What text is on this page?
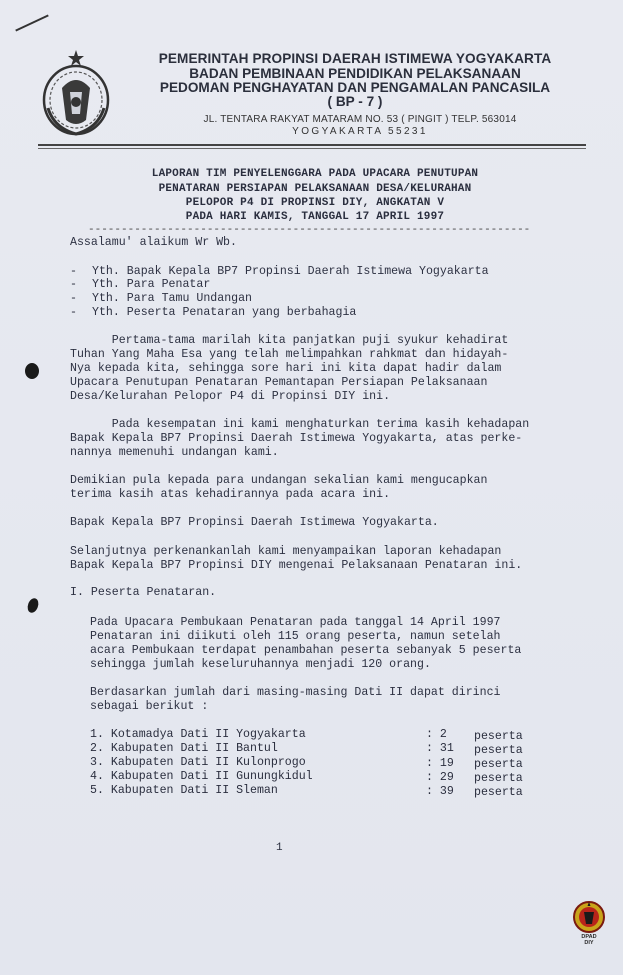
PEMERINTAH PROPINSI DAERAH ISTIMEWA YOGYAKARTA
BADAN PEMBINAAN PENDIDIKAN PELAKSANAAN
PEDOMAN PENGHAYATAN DAN PENGAMALAN PANCASILA
( BP - 7 )
JL. TENTARA RAKYAT MATARAM NO. 53 ( PINGIT ) TELP. 563014
YOGYAKARTA 55231
LAPORAN TIM PENYELENGGARA PADA UPACARA PENUTUPAN
PENATARAN PERSIAPAN PELAKSANAAN DESA/KELURAHAN
PELOPOR P4 DI PROPINSI DIY, ANGKATAN V
PADA HARI KAMIS, TANGGAL 17 APRIL 1997
-------------------------------------------------------------------
Assalamu' alaikum Wr Wb.
- Yth. Bapak Kepala BP7 Propinsi Daerah Istimewa Yogyakarta
- Yth. Para Penatar
- Yth. Para Tamu Undangan
- Yth. Peserta Penataran yang berbahagia
Pertama-tama marilah kita panjatkan puji syukur kehadirat
Tuhan Yang Maha Esa yang telah melimpahkan rahkmat dan hidayah-
Nya kepada kita, sehingga sore hari ini kita dapat hadir dalam
Upacara Penutupan Penataran Pemantapan Persiapan Pelaksanaan
Desa/Kelurahan Pelopor P4 di Propinsi DIY ini.
Pada kesempatan ini kami menghaturkan terima kasih kehadapan
Bapak Kepala BP7 Propinsi Daerah Istimewa Yogyakarta, atas perke-
nannya memenuhi undangan kami.
Demikian pula kepada para undangan sekalian kami mengucapkan
terima kasih atas kehadirannya pada acara ini.
Bapak Kepala BP7 Propinsi Daerah Istimewa Yogyakarta.
Selanjutnya perkenankanlah kami menyampaikan laporan kehadapan
Bapak Kepala BP7 Propinsi DIY mengenai Pelaksanaan Penataran ini.
I. Peserta Penataran.
Pada Upacara Pembukaan Penataran pada tanggal 14 April 1997
Penataran ini diikuti oleh 115 orang peserta, namun setelah
acara Pembukaan terdapat penambahan peserta sebanyak 5 peserta
sehingga jumlah keseluruhannya menjadi 120 orang.
Berdasarkan jumlah dari masing-masing Dati II dapat dirinci
sebagai berikut :
1. Kotamadya Dati II Yogyakarta	: 2 peserta
2. Kabupaten Dati II Bantul	: 31 peserta
3. Kabupaten Dati II Kulonprogo	: 19 peserta
4. Kabupaten Dati II Gunungkidul	: 29 peserta
5. Kabupaten Dati II Sleman	: 39 peserta
1
DPAD
DIY
